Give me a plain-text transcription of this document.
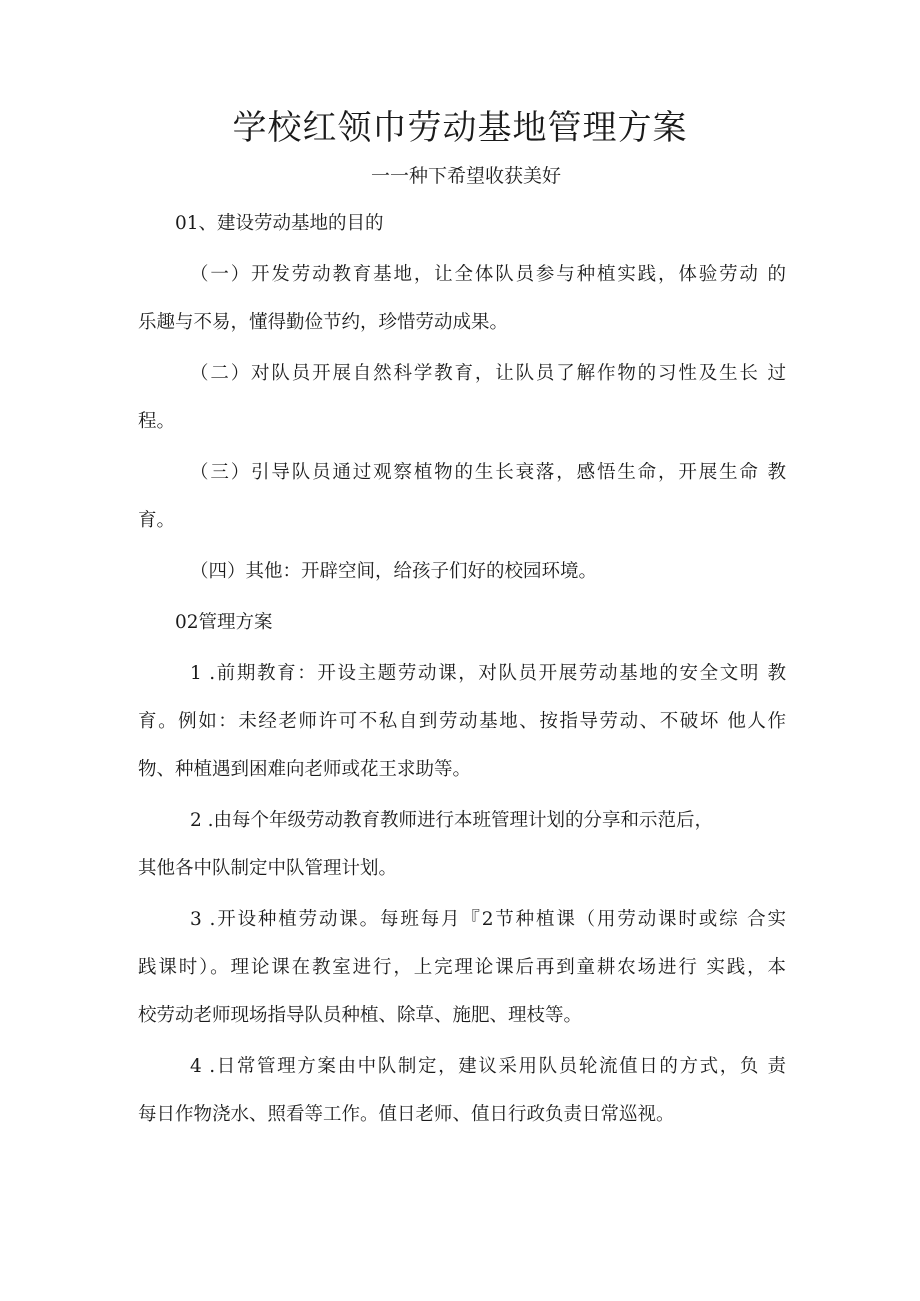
学校红领巾劳动基地管理方案
一一种下希望收获美好
01、建设劳动基地的目的
（一）开发劳动教育基地，让全体队员参与种植实践，体验劳动 的
乐趣与不易，懂得勤俭节约，珍惜劳动成果。
（二）对队员开展自然科学教育，让队员了解作物的习性及生长 过
程。
（三）引导队员通过观察植物的生长衰落，感悟生命，开展生命 教
育。
（四）其他：开辟空间，给孩子们好的校园环境。
02管理方案
1 .前期教育：开设主题劳动课，对队员开展劳动基地的安全文明 教
育。例如：未经老师许可不私自到劳动基地、按指导劳动、不破坏 他人作
物、种植遇到困难向老师或花王求助等。
2 .由每个年级劳动教育教师进行本班管理计划的分享和示范后，
其他各中队制定中队管理计划。
3 .开设种植劳动课。每班每月『2节种植课（用劳动课时或综 合实
践课时）。理论课在教室进行，上完理论课后再到童耕农场进行 实践，本
校劳动老师现场指导队员种植、除草、施肥、理枝等。
4 .日常管理方案由中队制定，建议采用队员轮流值日的方式，负 责
每日作物浇水、照看等工作。值日老师、值日行政负责日常巡视。
